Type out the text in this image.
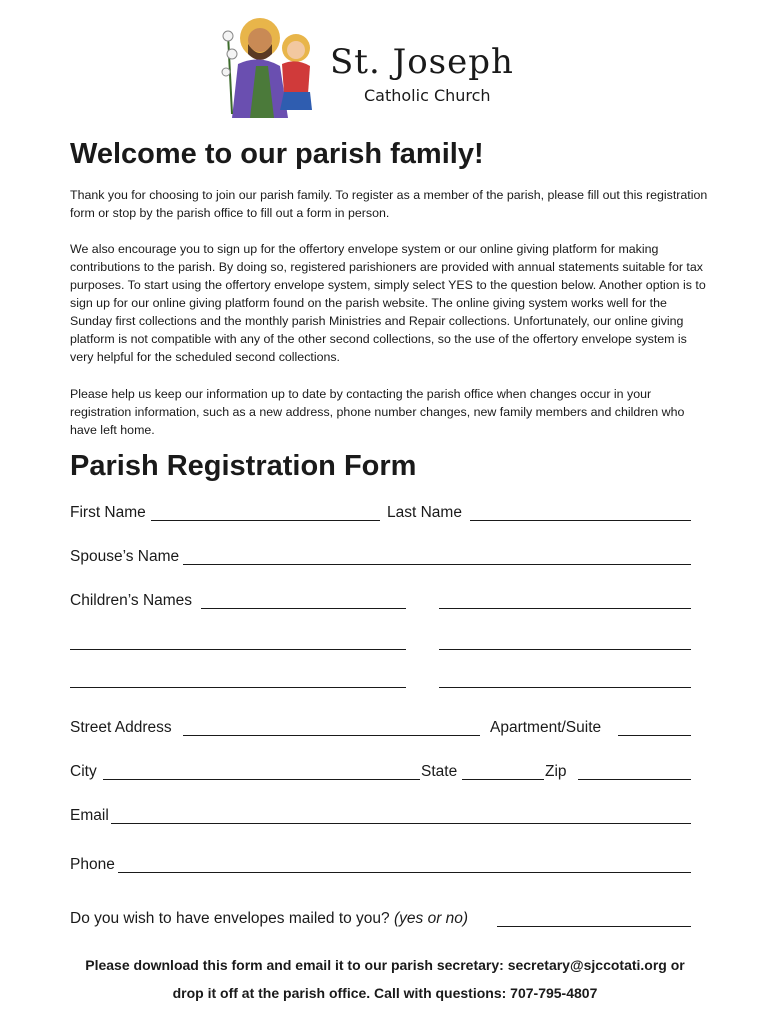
St. Joseph
Catholic Church
Welcome to our parish family!

Thank you for choosing to join our parish family. To register as a member of the parish, please fill out this registration form or stop by the parish office to fill out a form in person.

We also encourage you to sign up for the offertory envelope system or our online giving platform for making contributions to the parish. By doing so, registered parishioners are provided with annual statements suitable for tax purposes. To start using the offertory envelope system, simply select YES to the question below. Another option is to sign up for our online giving platform found on the parish website. The online giving system works well for the Sunday first collections and the monthly parish Ministries and Repair collections. Unfortunately, our online giving platform is not compatible with any of the other second collections, so the use of the offertory envelope system is very helpful for the scheduled second collections.

Please help us keep our information up to date by contacting the parish office when changes occur in your registration information, such as a new address, phone number changes, new family members and children who have left home.

Parish Registration Form
First Name	Last Name
Spouse’s Name
Children’s Names
Street Address	Apartment/Suite
City	State	Zip
Email
Phone
Do you wish to have envelopes mailed to you? (yes or no)
Please download this form and email it to our parish secretary: secretary@sjccotati.org or
drop it off at the parish office. Call with questions: 707-795-4807
